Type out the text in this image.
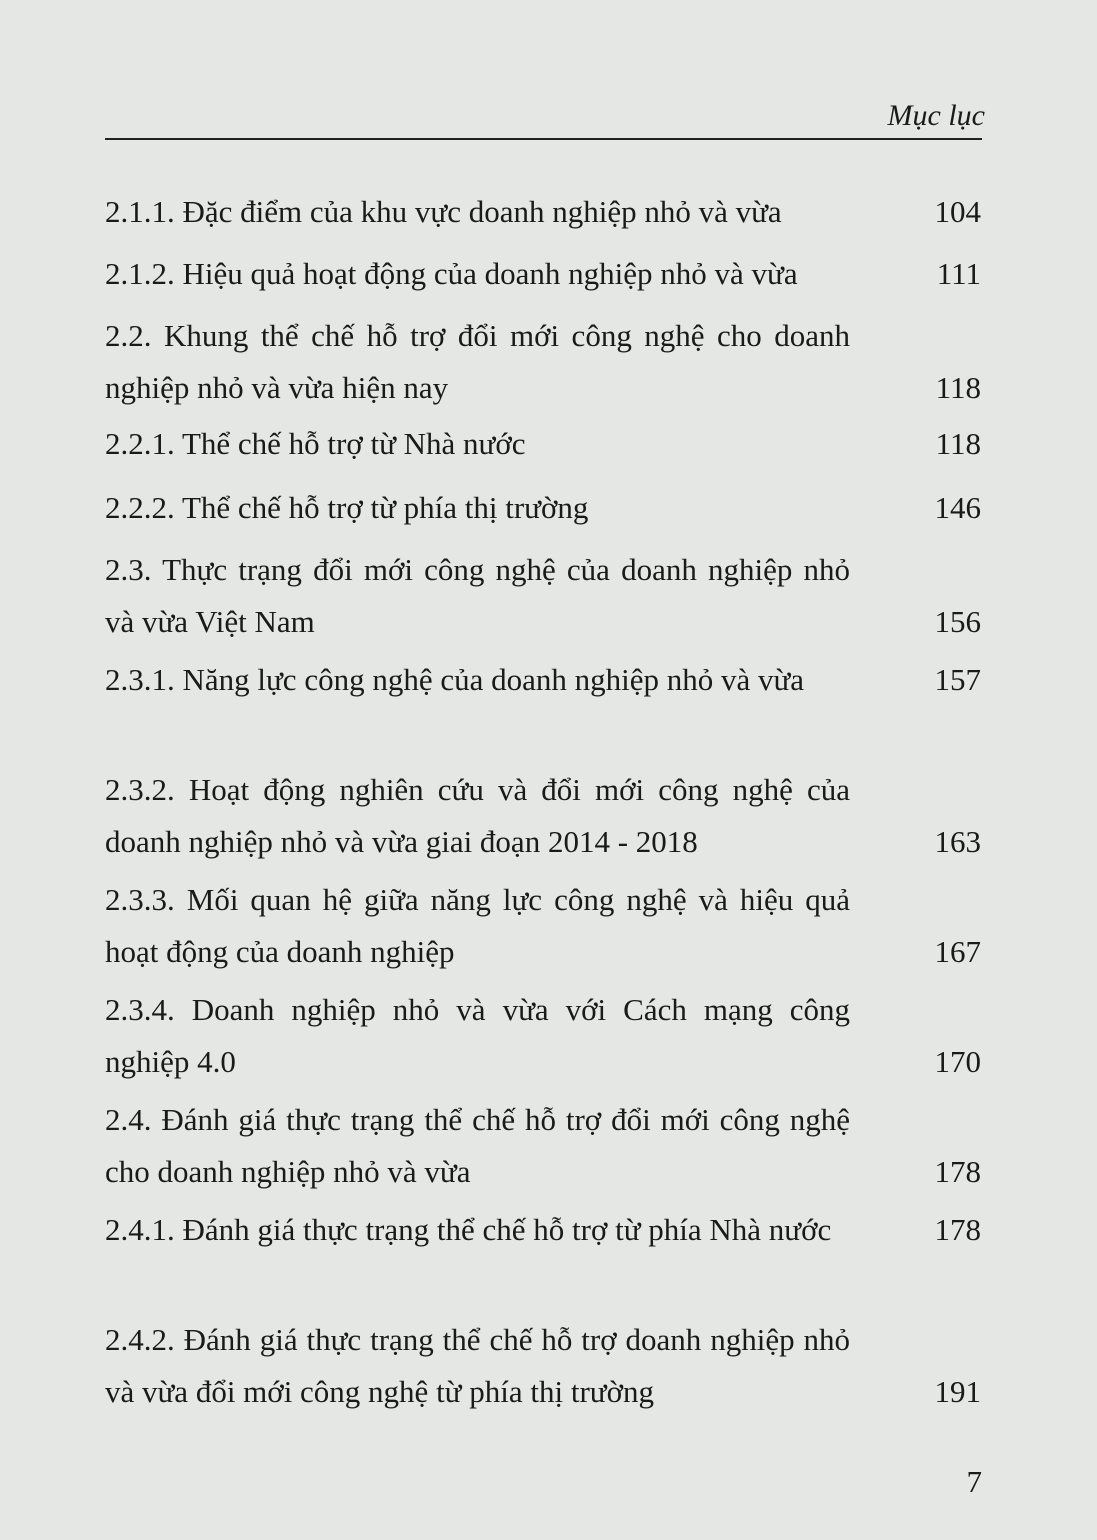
Mục lục
2.1.1. Đặc điểm của khu vực doanh nghiệp nhỏ và vừa	104
2.1.2. Hiệu quả hoạt động của doanh nghiệp nhỏ và vừa	111
2.2. Khung thể chế hỗ trợ đổi mới công nghệ cho doanh nghiệp nhỏ và vừa hiện nay	118
2.2.1. Thể chế hỗ trợ từ Nhà nước	118
2.2.2. Thể chế hỗ trợ từ phía thị trường	146
2.3. Thực trạng đổi mới công nghệ của doanh nghiệp nhỏ và vừa Việt Nam	156
2.3.1. Năng lực công nghệ của doanh nghiệp nhỏ và vừa	157
2.3.2. Hoạt động nghiên cứu và đổi mới công nghệ của doanh nghiệp nhỏ và vừa giai đoạn 2014 - 2018	163
2.3.3. Mối quan hệ giữa năng lực công nghệ và hiệu quả hoạt động của doanh nghiệp	167
2.3.4. Doanh nghiệp nhỏ và vừa với Cách mạng công nghiệp 4.0	170
2.4. Đánh giá thực trạng thể chế hỗ trợ đổi mới công nghệ cho doanh nghiệp nhỏ và vừa	178
2.4.1. Đánh giá thực trạng thể chế hỗ trợ từ phía Nhà nước	178
2.4.2. Đánh giá thực trạng thể chế hỗ trợ doanh nghiệp nhỏ và vừa đổi mới công nghệ từ phía thị trường	191
7
